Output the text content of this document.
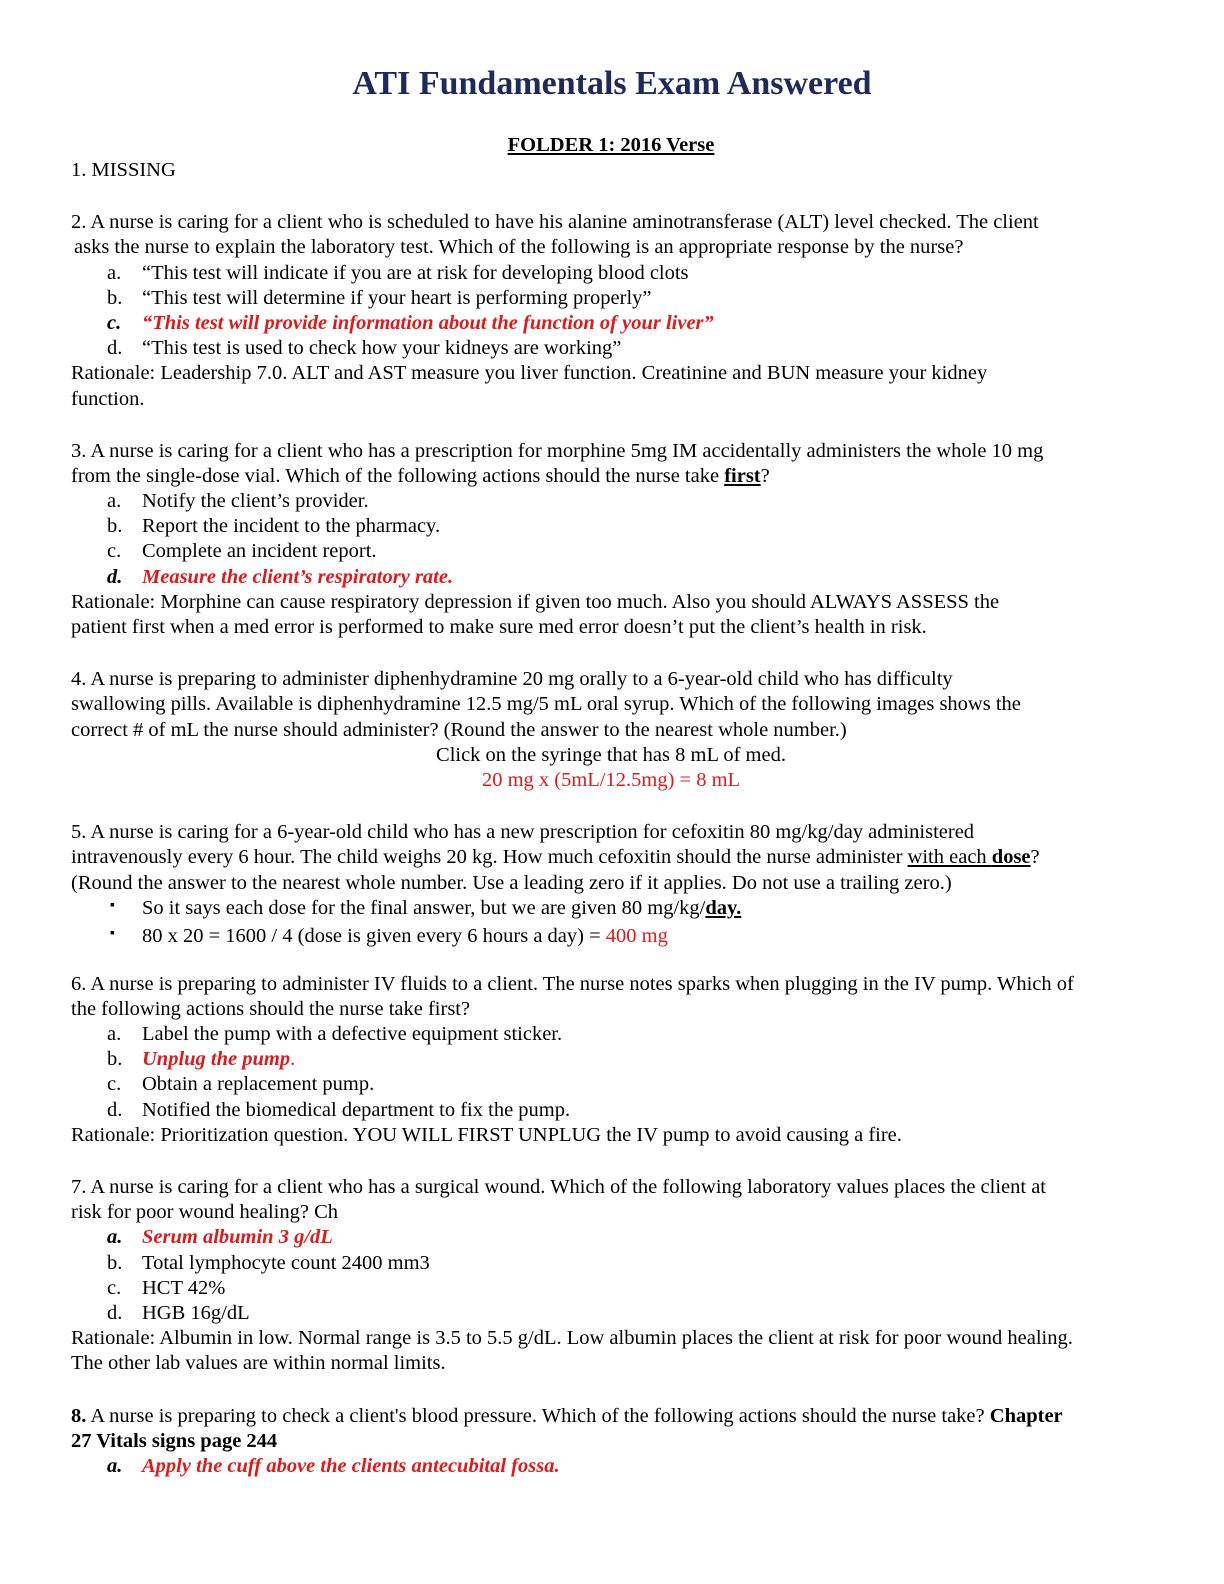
ATI Fundamentals Exam Answered
FOLDER 1: 2016 Verse
1. MISSING
2. A nurse is caring for a client who is scheduled to have his alanine aminotransferase (ALT) level checked. The client
asks the nurse to explain the laboratory test. Which of the following is an appropriate response by the nurse?
a. “This test will indicate if you are at risk for developing blood clots
b. “This test will determine if your heart is performing properly”
c. “This test will provide information about the function of your liver”
d. “This test is used to check how your kidneys are working”
Rationale: Leadership 7.0. ALT and AST measure you liver function. Creatinine and BUN measure your kidney
function.
3. A nurse is caring for a client who has a prescription for morphine 5mg IM accidentally administers the whole 10 mg
from the single-dose vial. Which of the following actions should the nurse take first?
a. Notify the client’s provider.
b. Report the incident to the pharmacy.
c. Complete an incident report.
d. Measure the client’s respiratory rate.
Rationale: Morphine can cause respiratory depression if given too much. Also you should ALWAYS ASSESS the
patient first when a med error is performed to make sure med error doesn’t put the client’s health in risk.
4. A nurse is preparing to administer diphenhydramine 20 mg orally to a 6-year-old child who has difficulty
swallowing pills. Available is diphenhydramine 12.5 mg/5 mL oral syrup. Which of the following images shows the
correct # of mL the nurse should administer? (Round the answer to the nearest whole number.)
Click on the syringe that has 8 mL of med.
20 mg x (5mL/12.5mg) = 8 mL
5. A nurse is caring for a 6-year-old child who has a new prescription for cefoxitin 80 mg/kg/day administered
intravenously every 6 hour. The child weighs 20 kg. How much cefoxitin should the nurse administer with each dose?
(Round the answer to the nearest whole number. Use a leading zero if it applies. Do not use a trailing zero.)
▪ So it says each dose for the final answer, but we are given 80 mg/kg/day.
▪ 80 x 20 = 1600 / 4 (dose is given every 6 hours a day) = 400 mg
6. A nurse is preparing to administer IV fluids to a client. The nurse notes sparks when plugging in the IV pump. Which of
the following actions should the nurse take first?
a. Label the pump with a defective equipment sticker.
b. Unplug the pump.
c. Obtain a replacement pump.
d. Notified the biomedical department to fix the pump.
Rationale: Prioritization question. YOU WILL FIRST UNPLUG the IV pump to avoid causing a fire.
7. A nurse is caring for a client who has a surgical wound. Which of the following laboratory values places the client at
risk for poor wound healing? Ch
a. Serum albumin 3 g/dL
b. Total lymphocyte count 2400 mm3
c. HCT 42%
d. HGB 16g/dL
Rationale: Albumin in low. Normal range is 3.5 to 5.5 g/dL. Low albumin places the client at risk for poor wound healing.
The other lab values are within normal limits.
8. A nurse is preparing to check a client's blood pressure. Which of the following actions should the nurse take? Chapter
27 Vitals signs page 244
a. Apply the cuff above the clients antecubital fossa.
